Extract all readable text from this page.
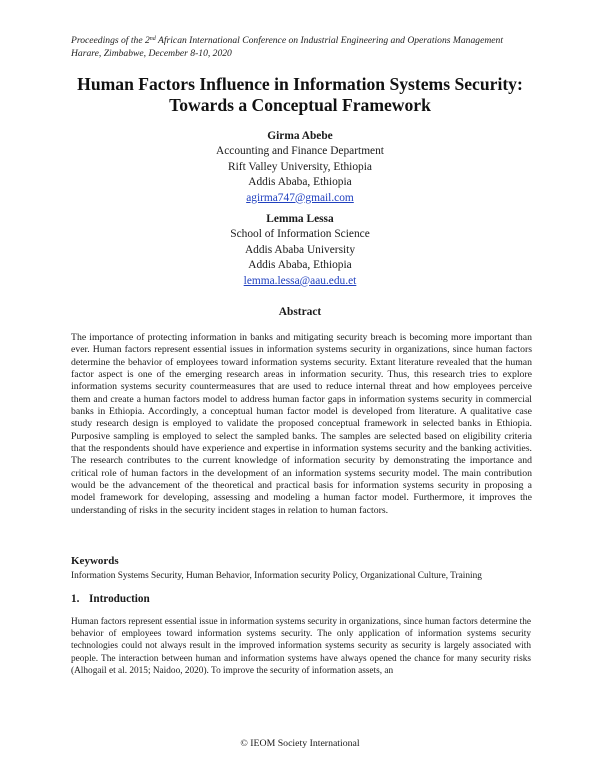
Proceedings of the 2nd African International Conference on Industrial Engineering and Operations Management
Harare, Zimbabwe, December 8-10, 2020
Human Factors Influence in Information Systems Security:
Towards a Conceptual Framework
Girma Abebe
Accounting and Finance Department
Rift Valley University, Ethiopia
Addis Ababa, Ethiopia
agirma747@gmail.com
Lemma Lessa
School of Information Science
Addis Ababa University
Addis Ababa, Ethiopia
lemma.lessa@aau.edu.et
Abstract
The importance of protecting information in banks and mitigating security breach is becoming more important than ever. Human factors represent essential issues in information systems security in organizations, since human factors determine the behavior of employees toward information systems security. Extant literature revealed that the human factor aspect is one of the emerging research areas in information security. Thus, this research tries to explore information systems security countermeasures that are used to reduce internal threat and how employees perceive them and create a human factors model to address human factor gaps in information systems security in commercial banks in Ethiopia. Accordingly, a conceptual human factor model is developed from literature. A qualitative case study research design is employed to validate the proposed conceptual framework in selected banks in Ethiopia. Purposive sampling is employed to select the sampled banks. The samples are selected based on eligibility criteria that the respondents should have experience and expertise in information systems security and the banking activities. The research contributes to the current knowledge of information security by demonstrating the importance and critical role of human factors in the development of an information systems security model. The main contribution would be the advancement of the theoretical and practical basis for information systems security in proposing a model framework for developing, assessing and modeling a human factor model. Furthermore, it improves the understanding of risks in the security incident stages in relation to human factors.
Keywords
Information Systems Security, Human Behavior, Information security Policy, Organizational Culture, Training
1. Introduction
Human factors represent essential issue in information systems security in organizations, since human factors determine the behavior of employees toward information systems security. The only application of information systems security technologies could not always result in the improved information systems security as security is largely associated with people. The interaction between human and information systems have always opened the chance for many security risks (Alhogail et al. 2015; Naidoo, 2020). To improve the security of information assets, an
© IEOM Society International
